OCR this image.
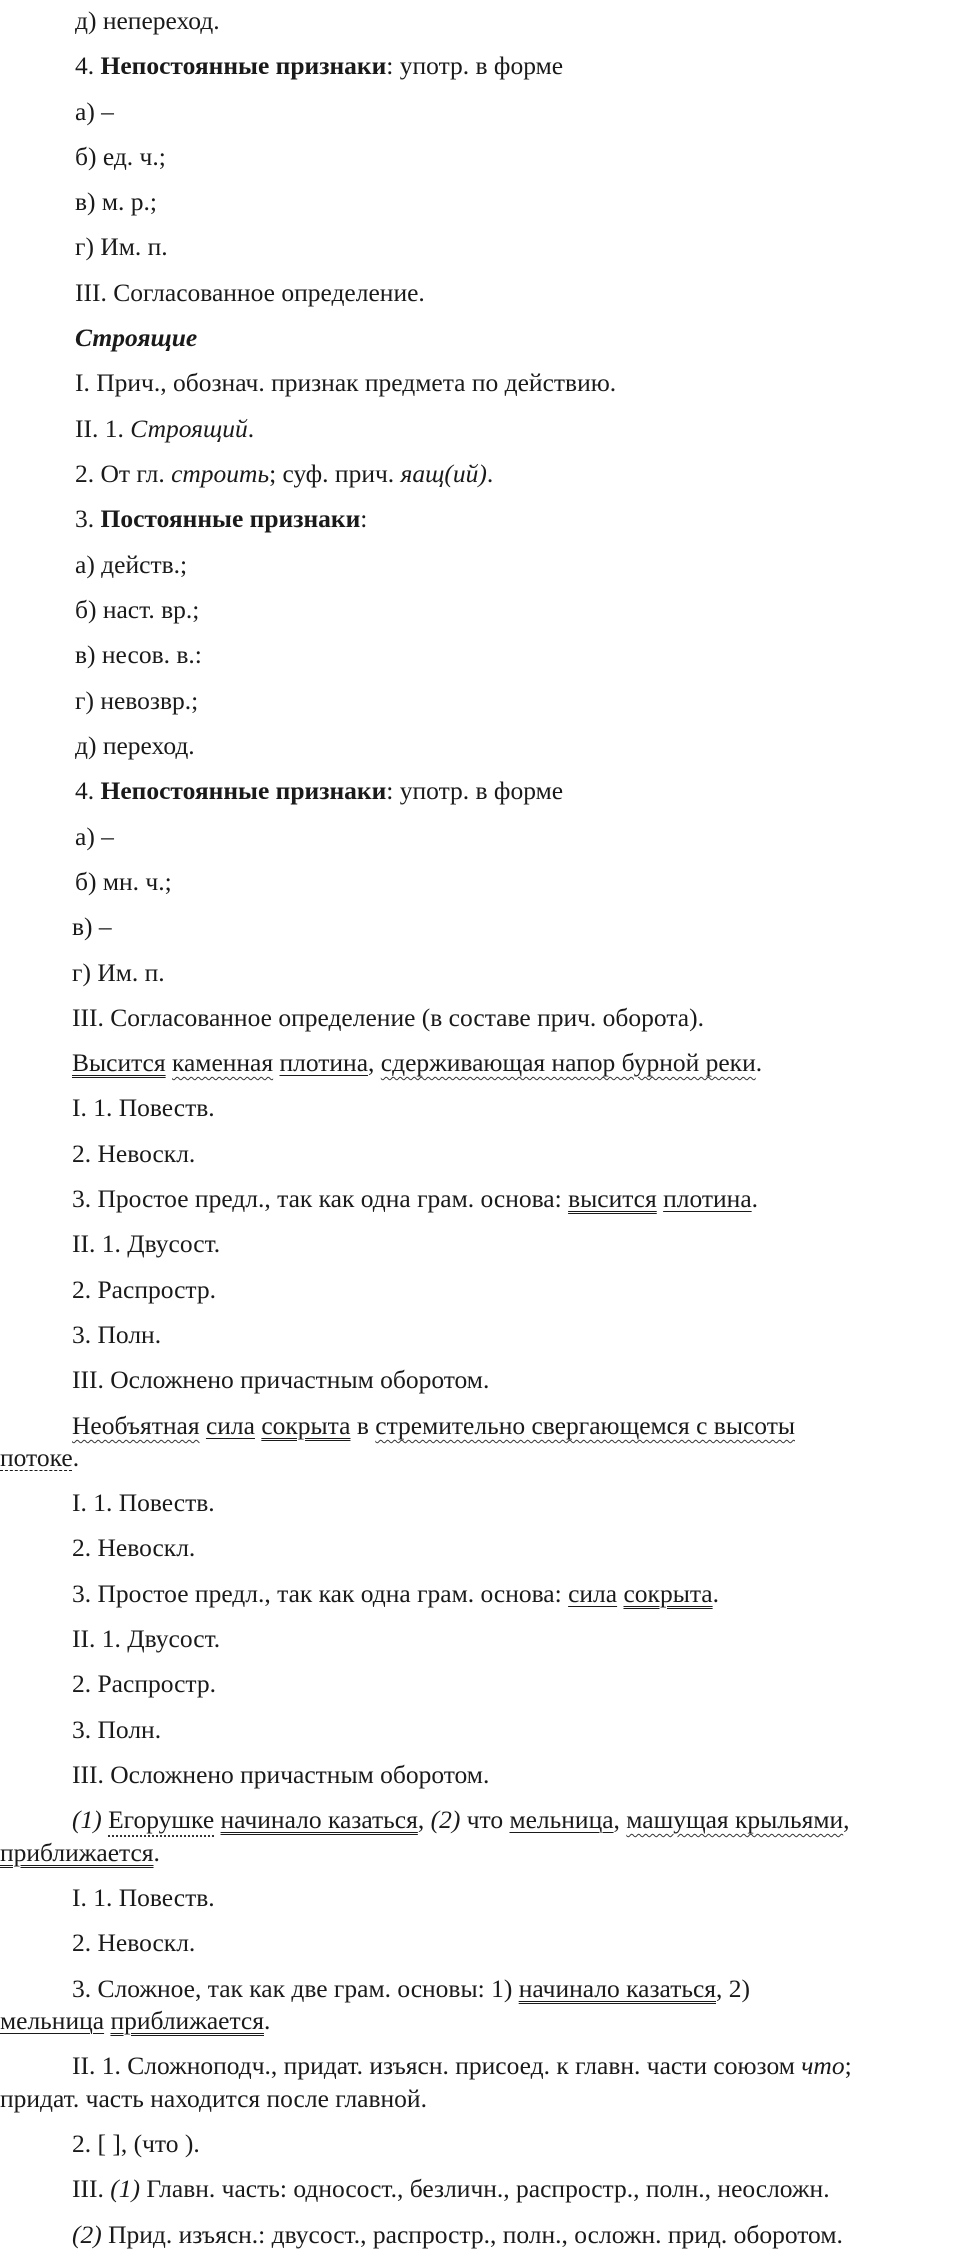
д) непереход.
4. Непостоянные признаки: употр. в форме
а) –
б) ед. ч.;
в) м. р.;
г) Им. п.
III. Согласованное определение.
Строящие
I. Прич., обознач. признак предмета по действию.
II. 1. Строящий.
2. От гл. строить; суф. прич. яащ(ий).
3. Постоянные признаки:
а) действ.;
б) наст. вр.;
в) несов. в.:
г) невозвр.;
д) переход.
4. Непостоянные признаки: употр. в форме
а) –
б) мн. ч.;
в) –
г) Им. п.
III. Согласованное определение (в составе прич. оборота).
Высится каменная плотина, сдерживающая напор бурной реки.
I. 1. Повеств.
2. Невоскл.
3. Простое предл., так как одна грам. основа: высится плотина.
II. 1. Двусост.
2. Распростр.
3. Полн.
III. Осложнено причастным оборотом.
Необъятная сила сокрыта в стремительно свергающемся с высоты
потоке.
I. 1. Повеств.
2. Невоскл.
3. Простое предл., так как одна грам. основа: сила сокрыта.
II. 1. Двусост.
2. Распростр.
3. Полн.
III. Осложнено причастным оборотом.
(1) Егорушке начинало казаться, (2) что мельница, машущая крыльями,
приближается.
I. 1. Повеств.
2. Невоскл.
3. Сложное, так как две грам. основы: 1) начинало казаться, 2)
мельница приближается.
II. 1. Сложноподч., придат. изъясн. присоед. к главн. части союзом что;
придат. часть находится после главной.
2. [ ], (что ).
III. (1) Главн. часть: односост., безличн., распростр., полн., неосложн.
(2) Прид. изъясн.: двусост., распростр., полн., осложн. прид. оборотом.
